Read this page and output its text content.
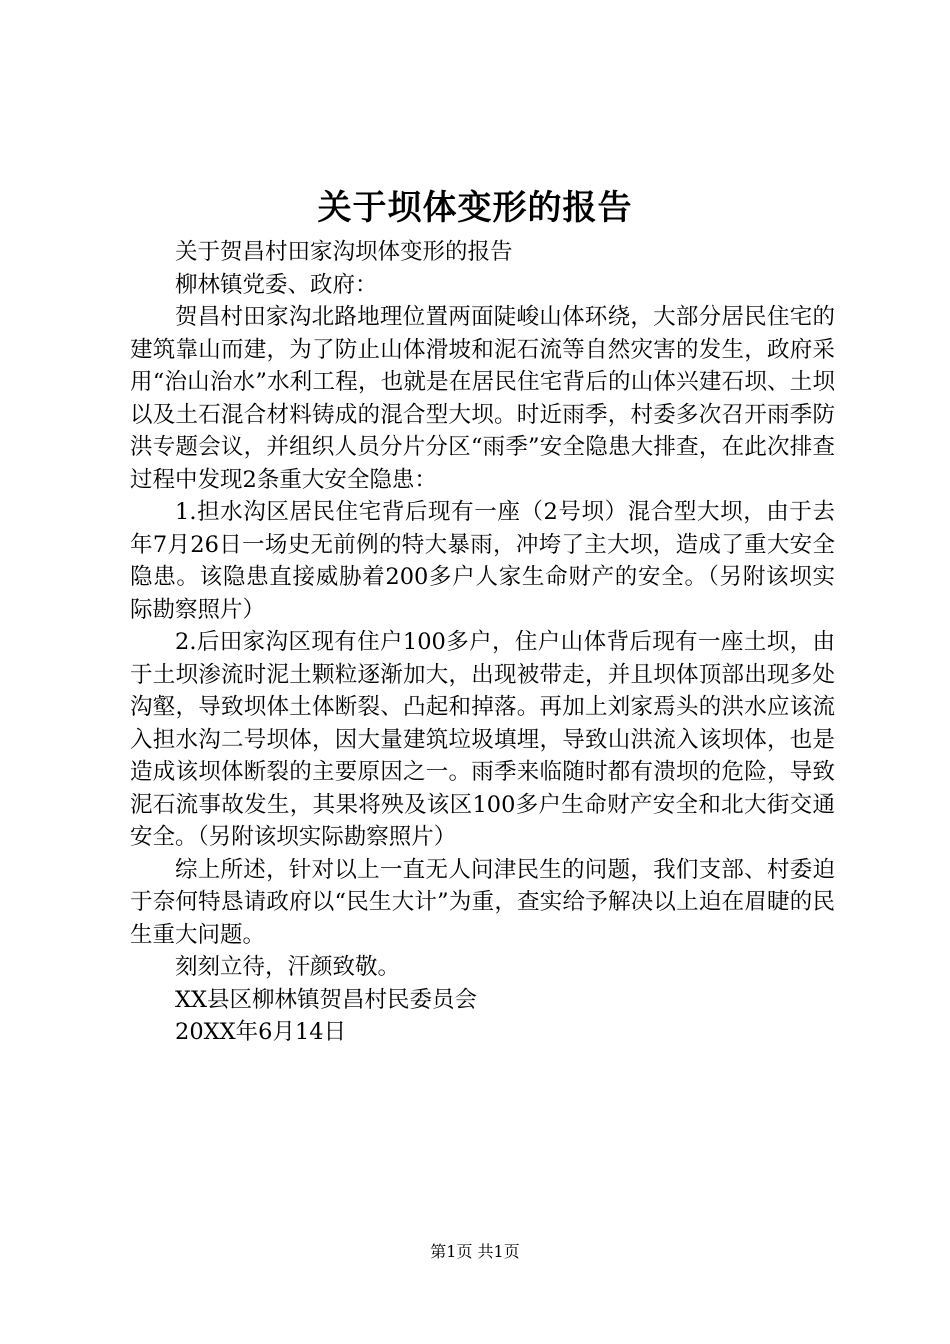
关于坝体变形的报告

关于贺昌村田家沟坝体变形的报告

柳林镇党委、政府：

贺昌村田家沟北路地理位置两面陡峻山体环绕，大部分居民住宅的建筑靠山而建，为了防止山体滑坡和泥石流等自然灾害的发生，政府采用“治山治水”水利工程，也就是在居民住宅背后的山体兴建石坝、土坝以及土石混合材料铸成的混合型大坝。时近雨季，村委多次召开雨季防洪专题会议，并组织人员分片分区“雨季”安全隐患大排查，在此次排查过程中发现2条重大安全隐患：

1.担水沟区居民住宅背后现有一座（2号坝）混合型大坝，由于去年7月26日一场史无前例的特大暴雨，冲垮了主大坝，造成了重大安全隐患。该隐患直接威胁着200多户人家生命财产的安全。（另附该坝实际勘察照片）

2.后田家沟区现有住户100多户，住户山体背后现有一座土坝，由于土坝渗流时泥土颗粒逐渐加大，出现被带走，并且坝体顶部出现多处沟壑，导致坝体土体断裂、凸起和掉落。再加上刘家焉头的洪水应该流入担水沟二号坝体，因大量建筑垃圾填埋，导致山洪流入该坝体，也是造成该坝体断裂的主要原因之一。雨季来临随时都有溃坝的危险，导致泥石流事故发生，其果将殃及该区100多户生命财产安全和北大街交通安全。（另附该坝实际勘察照片）

综上所述，针对以上一直无人问津民生的问题，我们支部、村委迫于奈何特恳请政府以“民生大计”为重，查实给予解决以上迫在眉睫的民生重大问题。

刻刻立待，汗颜致敬。

XX县区柳林镇贺昌村民委员会

20XX年6月14日

第1页 共1页
